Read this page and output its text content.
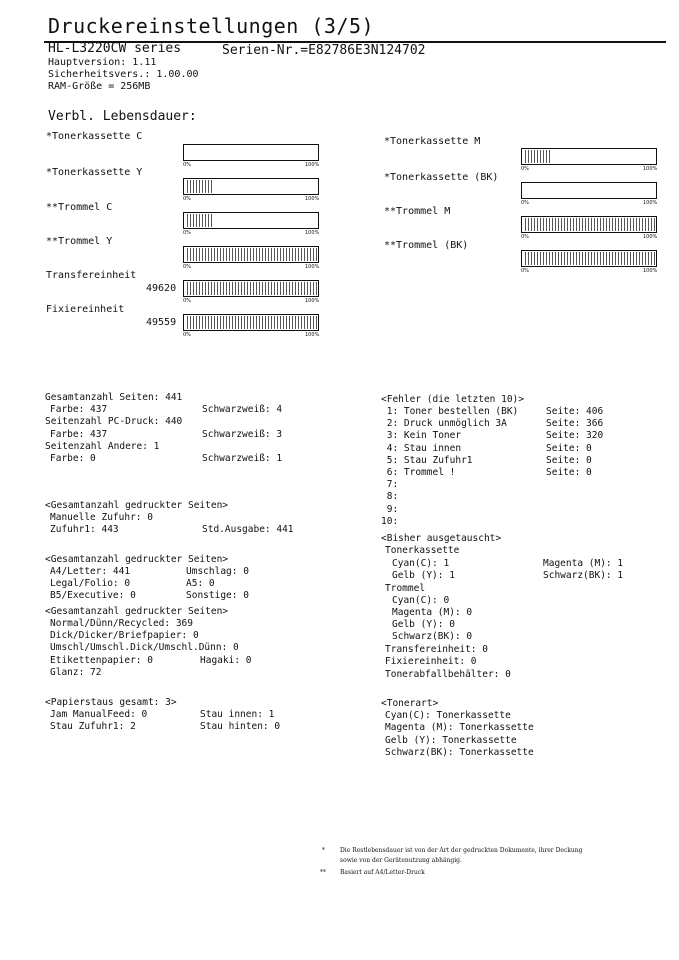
Druckereinstellungen (3/5)
HL-L3220CW series	Serien-Nr.=E82786E3N124702
Hauptversion: 1.11
Sicherheitsvers.: 1.00.00
RAM-Größe = 256MB
Verbl. Lebensdauer:
*Tonerkassette C
0%	100%
*Tonerkassette Y
0%	100%
**Trommel C
0%	100%
**Trommel Y
0%	100%
Transfereinheit
49620
0%	100%
Fixiereinheit
49559
0%	100%
*Tonerkassette M
0%	100%
*Tonerkassette (BK)
0%	100%
**Trommel M
0%	100%
**Trommel (BK)
0%	100%
Gesamtanzahl Seiten: 441
Farbe: 437	Schwarzweiß: 4
Seitenzahl PC-Druck: 440
Farbe: 437	Schwarzweiß: 3
Seitenzahl Andere: 1
Farbe: 0	Schwarzweiß: 1
<Gesamtanzahl gedruckter Seiten>
Manuelle Zufuhr: 0
Zufuhr1: 443	Std.Ausgabe: 441
<Gesamtanzahl gedruckter Seiten>
A4/Letter: 441	Umschlag: 0
Legal/Folio: 0	A5: 0
B5/Executive: 0	Sonstige: 0
<Gesamtanzahl gedruckter Seiten>
Normal/Dünn/Recycled: 369
Dick/Dicker/Briefpapier: 0
Umschl/Umschl.Dick/Umschl.Dünn: 0
Etikettenpapier: 0	Hagaki: 0
Glanz: 72
<Papierstaus gesamt: 3>
Jam ManualFeed: 0	Stau innen: 1
Stau Zufuhr1: 2	Stau hinten: 0
<Fehler (die letzten 10)>
1: Toner bestellen (BK)	Seite: 406
2: Druck unmöglich 3A	Seite: 366
3: Kein Toner	Seite: 320
4: Stau innen	Seite: 0
5: Stau Zufuhr1	Seite: 0
6: Trommel !	Seite: 0
7:
8:
9:
10:
<Bisher ausgetauscht>
Tonerkassette
Cyan(C): 1	Magenta (M): 1
Gelb (Y): 1	Schwarz(BK): 1
Trommel
Cyan(C): 0
Magenta (M): 0
Gelb (Y): 0
Schwarz(BK): 0
Transfereinheit: 0
Fixiereinheit: 0
Tonerabfallbehälter: 0
<Tonerart>
Cyan(C): Tonerkassette
Magenta (M): Tonerkassette
Gelb (Y): Tonerkassette
Schwarz(BK): Tonerkassette
*	Die Restlebensdauer ist von der Art der gedruckten Dokumente, ihrer Deckung
sowie von der Gerätenutzung abhängig.
** Basiert auf A4/Letter-Druck
